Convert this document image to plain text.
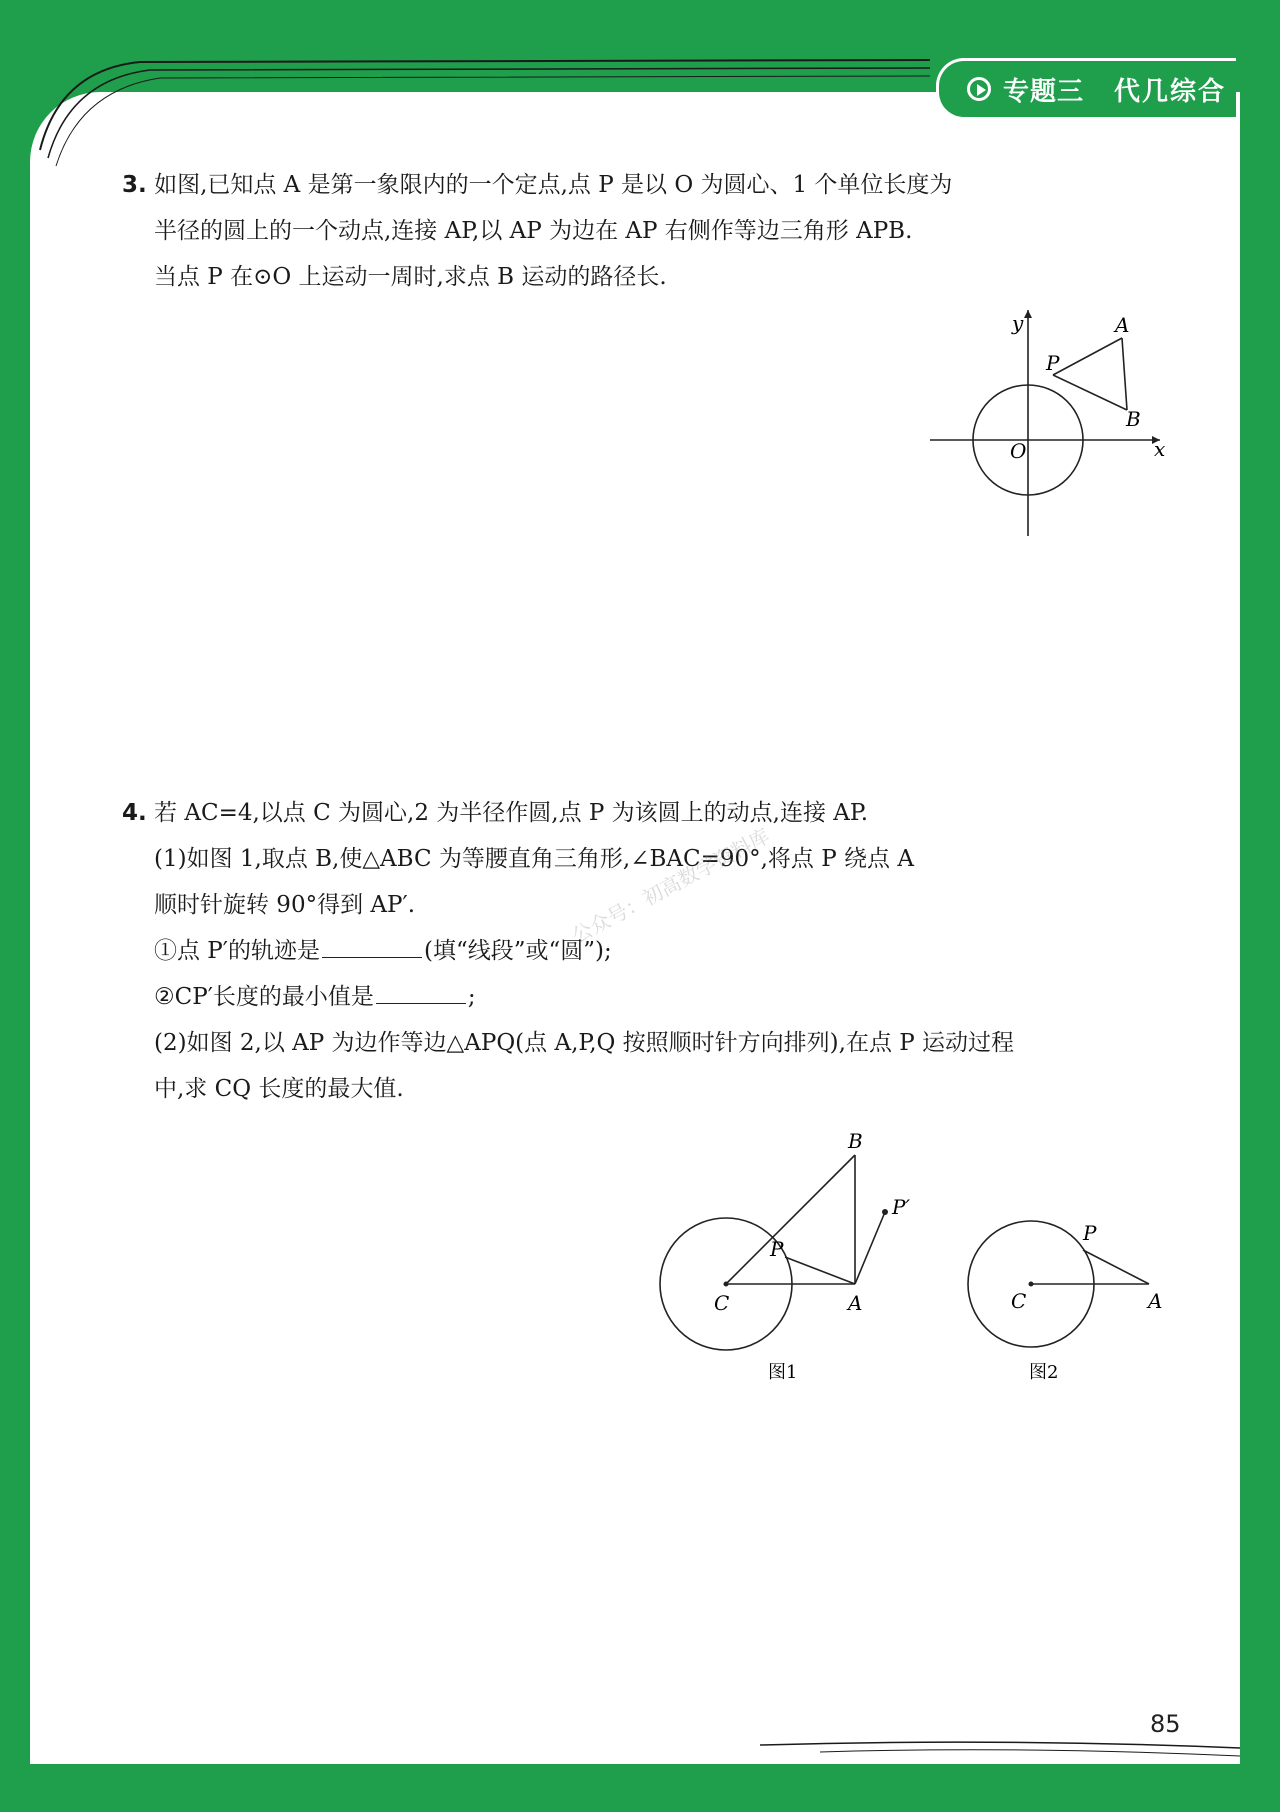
专题三 代几综合
3. 如图,已知点 A 是第一象限内的一个定点,点 P 是以 O 为圆心、1 个单位长度为
半径的圆上的一个动点,连接 AP,以 AP 为边在 AP 右侧作等边三角形 APB.
当点 P 在⊙O 上运动一周时,求点 B 运动的路径长.
y
x
O
P
A
B
4. 若 AC=4,以点 C 为圆心,2 为半径作圆,点 P 为该圆上的动点,连接 AP.
(1)如图 1,取点 B,使△ABC 为等腰直角三角形,∠BAC=90°,将点 P 绕点 A
顺时针旋转 90°得到 AP′.
①点 P′的轨迹是	(填“线段”或“圆”);
②CP′长度的最小值是	;
(2)如图 2,以 AP 为边作等边△APQ(点 A,P,Q 按照顺时针方向排列),在点 P 运动过程
中,求 CQ 长度的最大值.
公众号：初高数学资料库
B
P
P′
C	A
图1
P
C	A
图2
85
